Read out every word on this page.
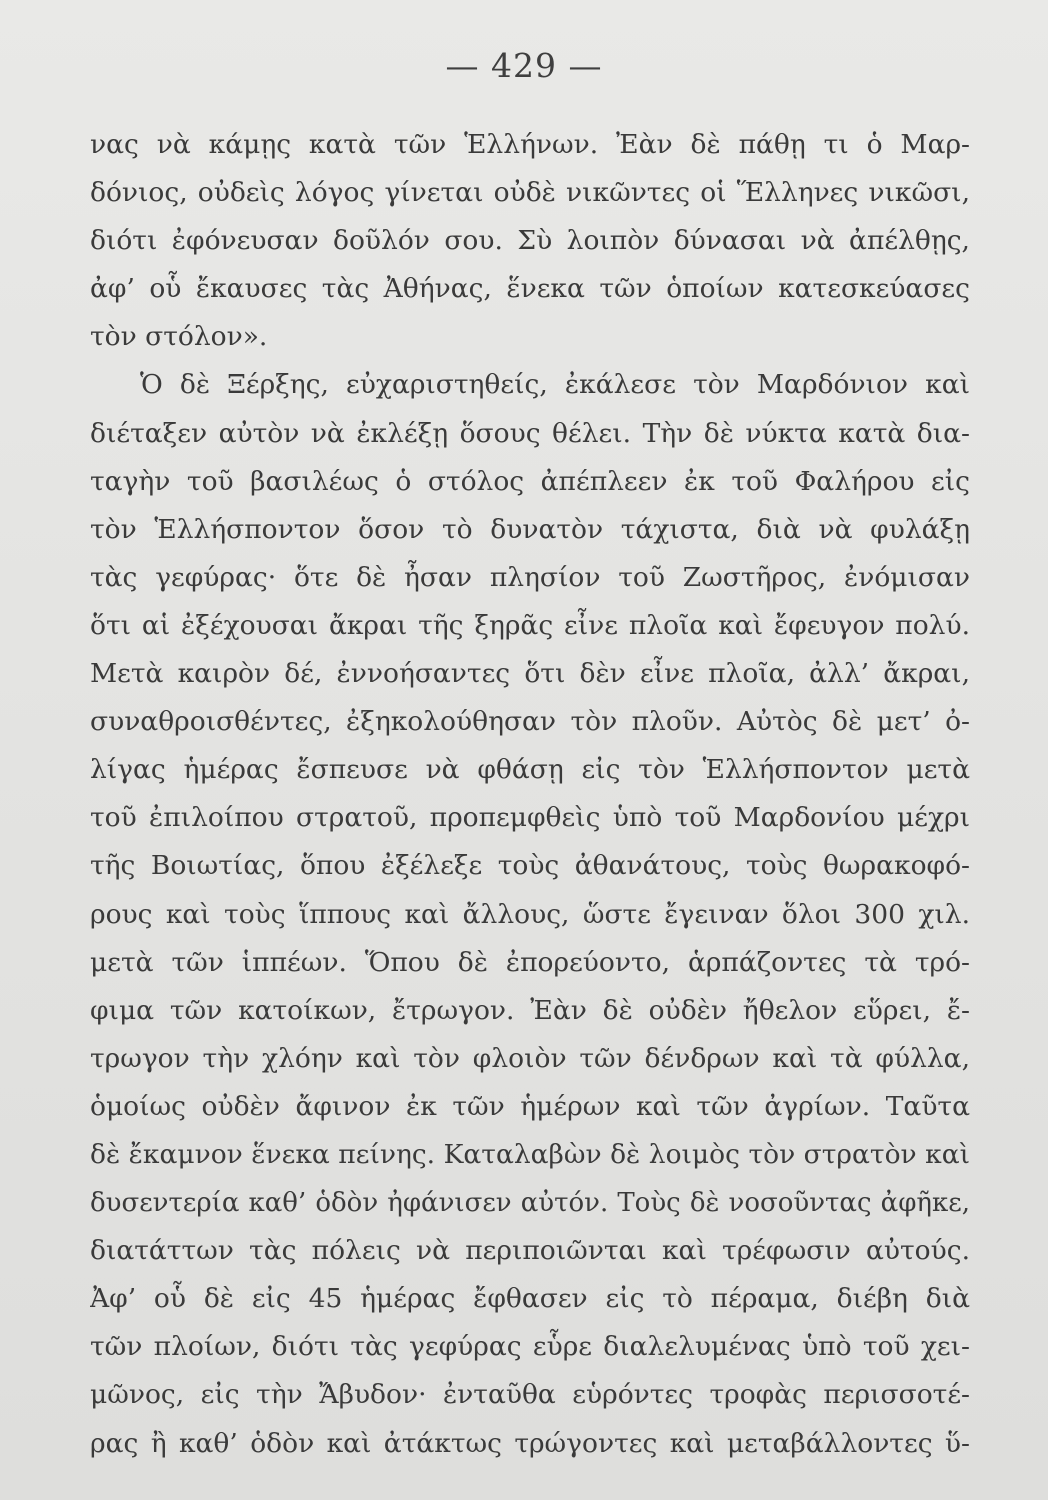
— 429 —
νας νὰ κάμῃς κατὰ τῶν Ἑλλήνων. Ἐὰν δὲ πάθῃ τι ὁ Μαρ-
δόνιος, οὐδεὶς λόγος γίνεται οὐδὲ νικῶντες οἱ Ἕλληνες νικῶσι,
διότι ἐφόνευσαν δοῦλόν σου. Σὺ λοιπὸν δύνασαι νὰ ἀπέλθῃς,
ἀφ’ οὗ ἔκαυσες τὰς Ἀθήνας, ἕνεκα τῶν ὁποίων κατεσκεύασες
τὸν στόλον».
Ὁ δὲ Ξέρξης, εὐχαριστηθείς, ἐκάλεσε τὸν Μαρδόνιον καὶ
διέταξεν αὐτὸν νὰ ἐκλέξῃ ὅσους θέλει. Τὴν δὲ νύκτα κατὰ δια-
ταγὴν τοῦ βασιλέως ὁ στόλος ἀπέπλεεν ἐκ τοῦ Φαλήρου εἰς
τὸν Ἑλλήσποντον ὅσον τὸ δυνατὸν τάχιστα, διὰ νὰ φυλάξῃ
τὰς γεφύρας· ὅτε δὲ ἦσαν πλησίον τοῦ Ζωστῆρος, ἐνόμισαν
ὅτι αἱ ἐξέχουσαι ἄκραι τῆς ξηρᾶς εἶνε πλοῖα καὶ ἔφευγον πολύ.
Μετὰ καιρὸν δέ, ἐννοήσαντες ὅτι δὲν εἶνε πλοῖα, ἀλλ’ ἄκραι,
συναθροισθέντες, ἐξηκολούθησαν τὸν πλοῦν. Αὐτὸς δὲ μετ’ ὀ-
λίγας ἡμέρας ἔσπευσε νὰ φθάσῃ εἰς τὸν Ἑλλήσποντον μετὰ
τοῦ ἐπιλοίπου στρατοῦ, προπεμφθεὶς ὑπὸ τοῦ Μαρδονίου μέχρι
τῆς Βοιωτίας, ὅπου ἐξέλεξε τοὺς ἀθανάτους, τοὺς θωρακοφό-
ρους καὶ τοὺς ἵππους καὶ ἄλλους, ὥστε ἔγειναν ὅλοι 300 χιλ.
μετὰ τῶν ἱππέων. Ὅπου δὲ ἐπορεύοντο, ἁρπάζοντες τὰ τρό-
φιμα τῶν κατοίκων, ἔτρωγον. Ἐὰν δὲ οὐδὲν ἤθελον εὕρει, ἔ-
τρωγον τὴν χλόην καὶ τὸν φλοιὸν τῶν δένδρων καὶ τὰ φύλλα,
ὁμοίως οὐδὲν ἄφινον ἐκ τῶν ἡμέρων καὶ τῶν ἀγρίων. Ταῦτα
δὲ ἔκαμνον ἕνεκα πείνης. Καταλαβὼν δὲ λοιμὸς τὸν στρατὸν καὶ
δυσεντερία καθ’ ὁδὸν ἠφάνισεν αὐτόν. Τοὺς δὲ νοσοῦντας ἀφῆκε,
διατάττων τὰς πόλεις νὰ περιποιῶνται καὶ τρέφωσιν αὐτούς.
Ἀφ’ οὗ δὲ εἰς 45 ἡμέρας ἔφθασεν εἰς τὸ πέραμα, διέβη διὰ
τῶν πλοίων, διότι τὰς γεφύρας εὗρε διαλελυμένας ὑπὸ τοῦ χει-
μῶνος, εἰς τὴν Ἄβυδον· ἐνταῦθα εὑρόντες τροφὰς περισσοτέ-
ρας ἢ καθ’ ὁδὸν καὶ ἀτάκτως τρώγοντες καὶ μεταβάλλοντες ὕ-
